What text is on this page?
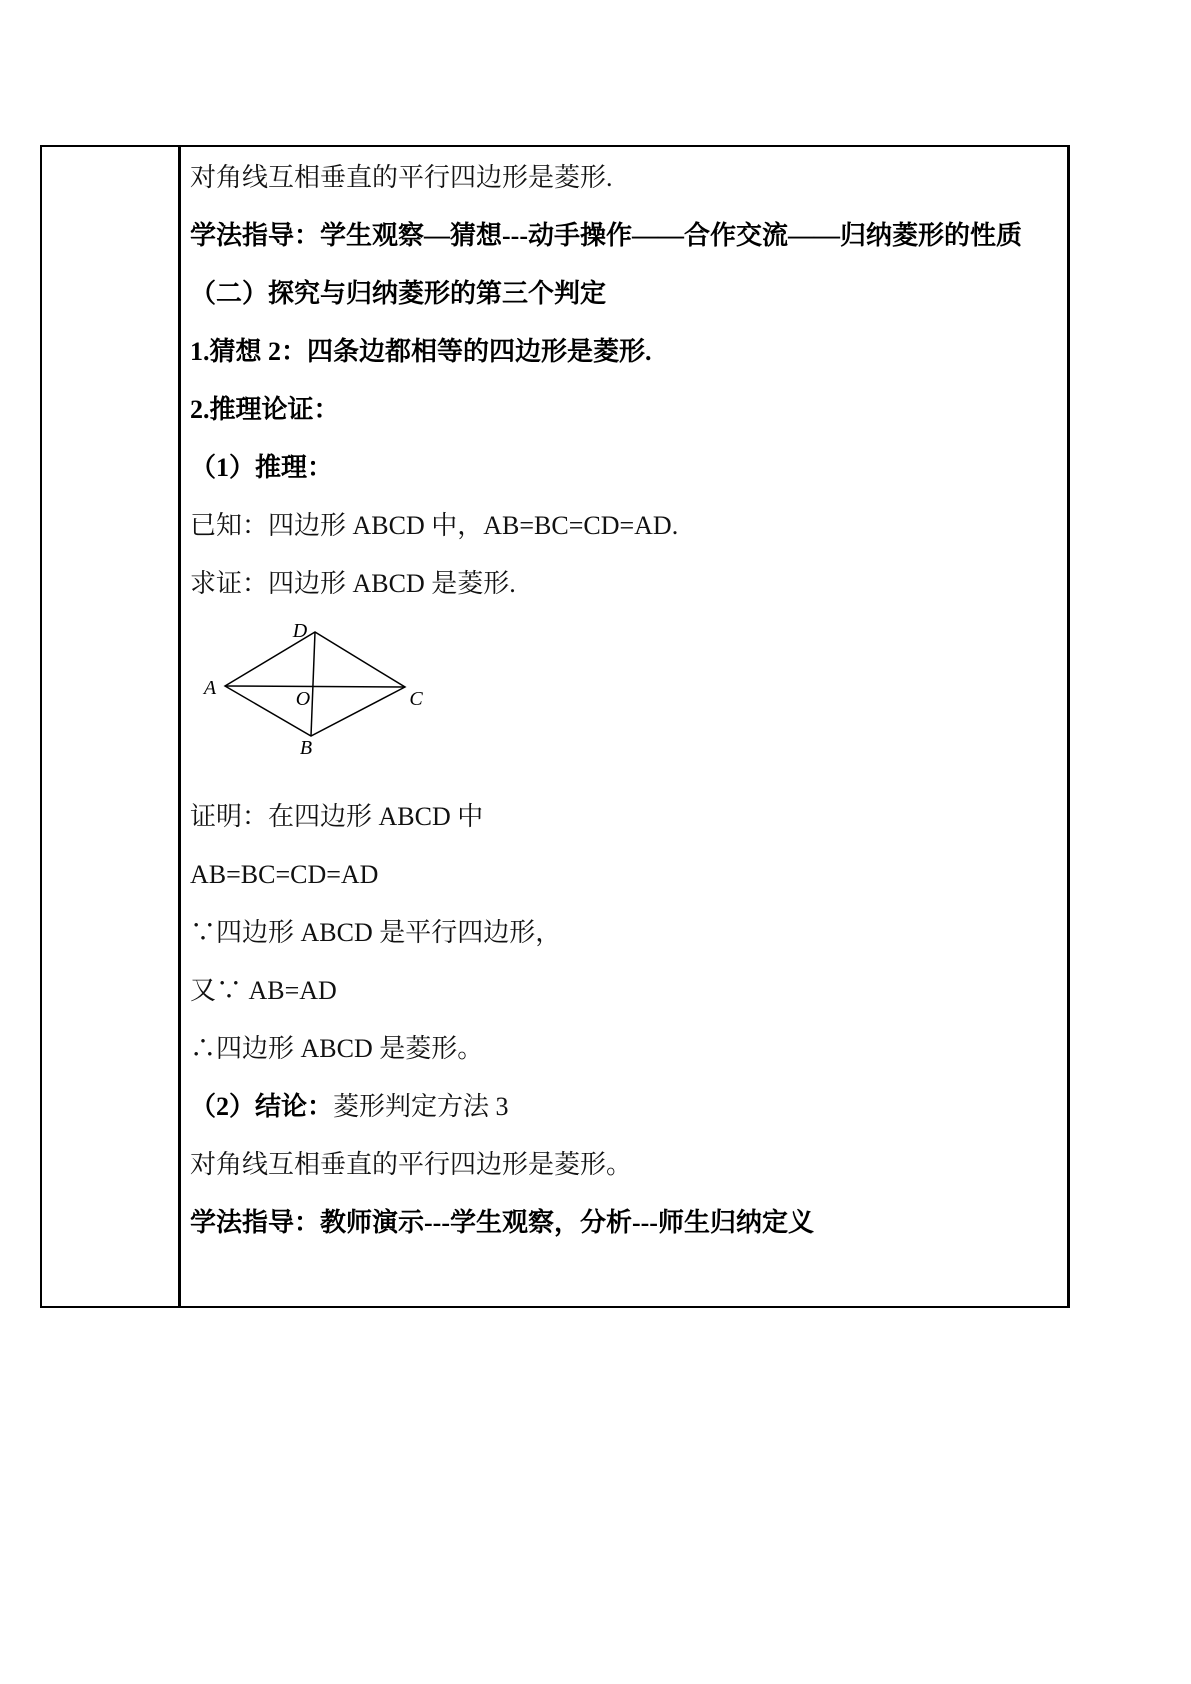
对角线互相垂直的平行四边形是菱形.
学法指导：学生观察—猜想---动手操作——合作交流——归纳菱形的性质
（二）探究与归纳菱形的第三个判定
1.猜想 2：四条边都相等的四边形是菱形.
2.推理论证：
（1）推理：
已知：四边形 ABCD 中，AB=BC=CD=AD.
求证：四边形 ABCD 是菱形.
D
A	O	C
B
证明：在四边形 ABCD 中
AB=BC=CD=AD
∵四边形 ABCD 是平行四边形，
又∵ AB=AD
∴四边形 ABCD 是菱形。
（2）结论：菱形判定方法 3
对角线互相垂直的平行四边形是菱形。
学法指导：教师演示---学生观察，分析---师生归纳定义
